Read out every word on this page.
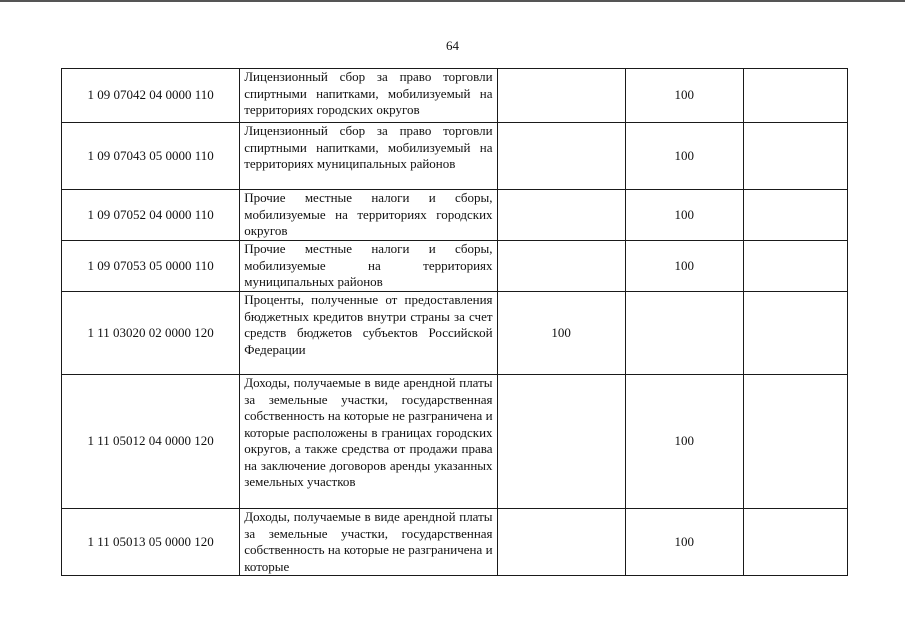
64
1 09 07042 04 0000 110	Лицензионный сбор за право торговли спиртными напитками, мобилизуемый на территориях городских округов		100	
1 09 07043 05 0000 110	Лицензионный сбор за право торговли спиртными напитками, мобилизуемый на территориях муниципальных районов		100	
1 09 07052 04 0000 110	Прочие местные налоги и сборы, мобилизуемые на территориях городских округов		100	
1 09 07053 05 0000 110	Прочие местные налоги и сборы, мобилизуемые на территориях муниципальных районов		100	
1 11 03020 02 0000 120	Проценты, полученные от предоставления бюджетных кредитов внутри страны за счет средств бюджетов субъектов Российской Федерации	100		
1 11 05012 04 0000 120	Доходы, получаемые в виде арендной платы за земельные участки, государственная собственность на которые не разграничена и которые расположены в границах городских округов, а также средства от продажи права на заключение договоров аренды указанных земельных участков		100	
1 11 05013 05 0000 120	Доходы, получаемые в виде арендной платы за земельные участки, государственная собственность на которые не разграничена и которые		100	
